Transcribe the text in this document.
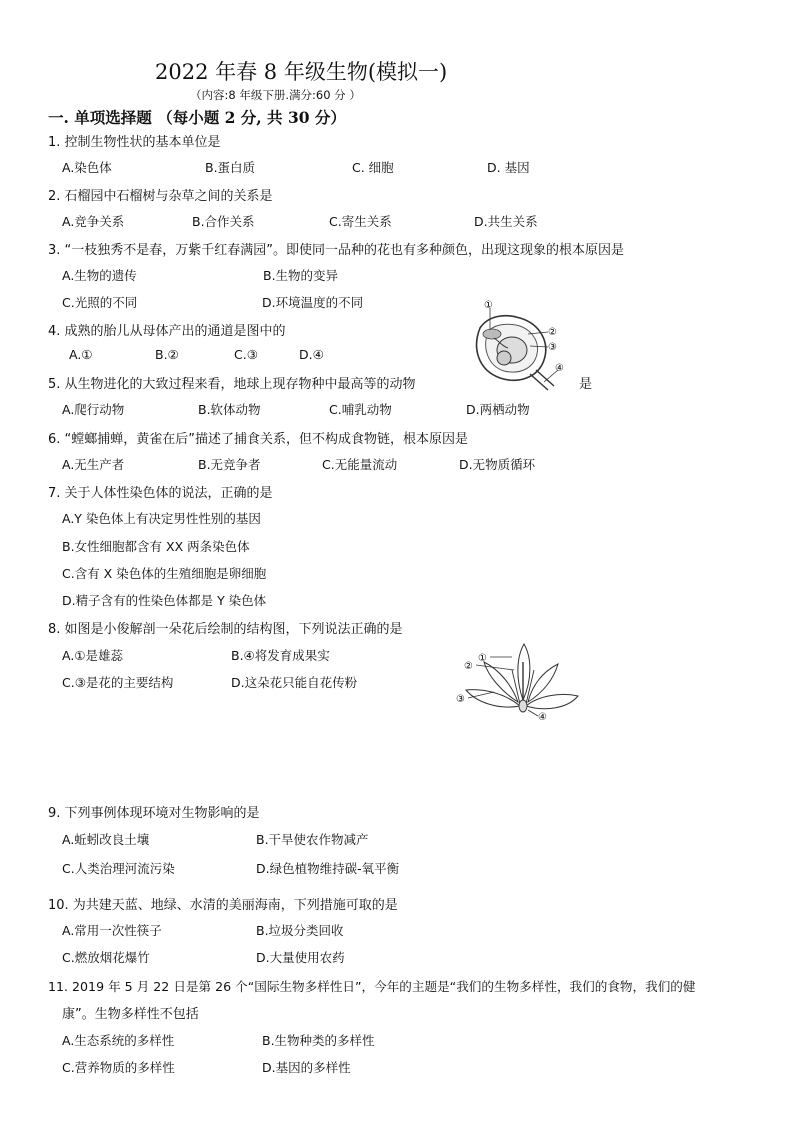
2022 年春 8 年级生物(模拟一)
（内容:8 年级下册.满分:60 分 ）
一. 单项选择题 （每小题 2 分, 共 30 分）
1. 控制生物性状的基本单位是
A.染色体	B.蛋白质	C. 细胞	D. 基因
2. 石榴园中石榴树与杂草之间的关系是
A.竞争关系	B.合作关系	C.寄生关系	D.共生关系
3. “一枝独秀不是春，万紫千红春满园”。即使同一品种的花也有多种颜色，出现这现象的根本原因是
A.生物的遗传	B.生物的变异
C.光照的不同	D.环境温度的不同
4. 成熟的胎儿从母体产出的通道是图中的
A.①	B.②	C.③	D.④
5. 从生物进化的大致过程来看，地球上现存物种中最高等的动物	是
A.爬行动物	B.软体动物	C.哺乳动物	D.两栖动物
6. “螳螂捕蝉，黄雀在后”描述了捕食关系，但不构成食物链，根本原因是
A.无生产者	B.无竞争者	C.无能量流动	D.无物质循环
7. 关于人体性染色体的说法，正确的是
A.Y 染色体上有决定男性性别的基因
B.女性细胞都含有 XX 两条染色体
C.含有 X 染色体的生殖细胞是卵细胞
D.精子含有的性染色体都是 Y 染色体
8. 如图是小俊解剖一朵花后绘制的结构图，下列说法正确的是
A.①是雄蕊	B.④将发育成果实
C.③是花的主要结构	D.这朵花只能自花传粉
9. 下列事例体现环境对生物影响的是
A.蚯蚓改良土壤	B.干旱使农作物减产
C.人类治理河流污染	D.绿色植物维持碳-氧平衡
10. 为共建天蓝、地绿、水清的美丽海南，下列措施可取的是
A.常用一次性筷子	B.垃圾分类回收
C.燃放烟花爆竹	D.大量使用农药
11. 2019 年 5 月 22 日是第 26 个“国际生物多样性日”，今年的主题是“我们的生物多样性，我们的食物，我们的健
康”。生物多样性不包括
A.生态系统的多样性	B.生物种类的多样性
C.营养物质的多样性	D.基因的多样性
①
②
③
④
①
②
③
④
